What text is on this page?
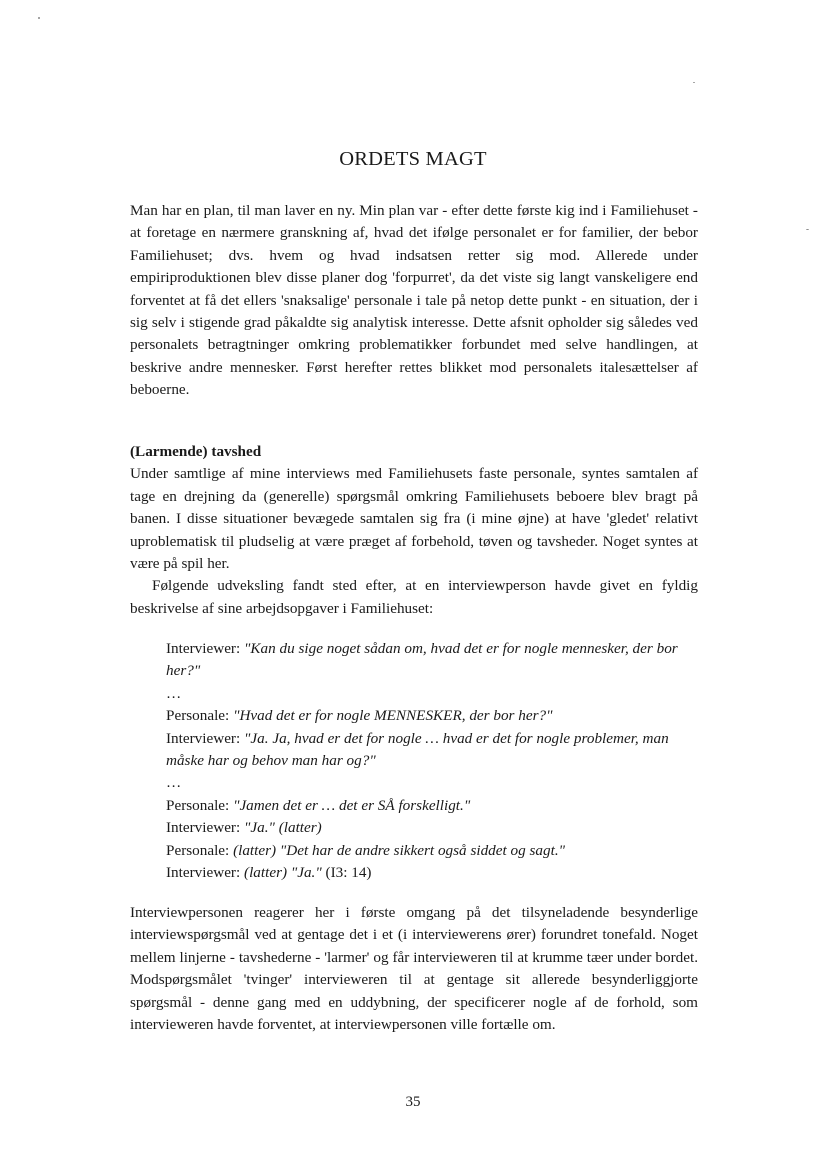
ORDETS MAGT

Man har en plan, til man laver en ny. Min plan var - efter dette første kig ind i Familiehuset - at foretage en nærmere granskning af, hvad det ifølge personalet er for familier, der bebor Familiehuset; dvs. hvem og hvad indsatsen retter sig mod. Allerede under empiriproduktionen blev disse planer dog 'forpurret', da det viste sig langt vanskeligere end forventet at få det ellers 'snaksalige' personale i tale på netop dette punkt - en situation, der i sig selv i stigende grad påkaldte sig analytisk interesse. Dette afsnit opholder sig således ved personalets betragtninger omkring problematikker forbundet med selve handlingen, at beskrive andre mennesker. Først herefter rettes blikket mod personalets italesættelser af beboerne.

(Larmende) tavshed

Under samtlige af mine interviews med Familiehusets faste personale, syntes samtalen af tage en drejning da (generelle) spørgsmål omkring Familiehusets beboere blev bragt på banen. I disse situationer bevægede samtalen sig fra (i mine øjne) at have 'gledet' relativt uproblematisk til pludselig at være præget af forbehold, tøven og tavsheder. Noget syntes at være på spil her.

Følgende udveksling fandt sted efter, at en interviewperson havde givet en fyldig beskrivelse af sine arbejdsopgaver i Familiehuset:

Interviewer: "Kan du sige noget sådan om, hvad det er for nogle mennesker, der bor her?"

…

Personale: "Hvad det er for nogle MENNESKER, der bor her?"

Interviewer: "Ja. Ja, hvad er det for nogle … hvad er det for nogle problemer, man måske har og behov man har og?"

…

Personale: "Jamen det er … det er SÅ forskelligt."

Interviewer: "Ja." (latter)

Personale: (latter) "Det har de andre sikkert også siddet og sagt."

Interviewer: (latter) "Ja." (I3: 14)

Interviewpersonen reagerer her i første omgang på det tilsyneladende besynderlige interviewspørgsmål ved at gentage det i et (i interviewerens ører) forundret tonefald. Noget mellem linjerne - tavshederne - 'larmer' og får intervieweren til at krumme tæer under bordet. Modspørgsmålet 'tvinger' intervieweren til at gentage sit allerede besynderliggjorte spørgsmål - denne gang med en uddybning, der specificerer nogle af de forhold, som intervieweren havde forventet, at interviewpersonen ville fortælle om.

35
